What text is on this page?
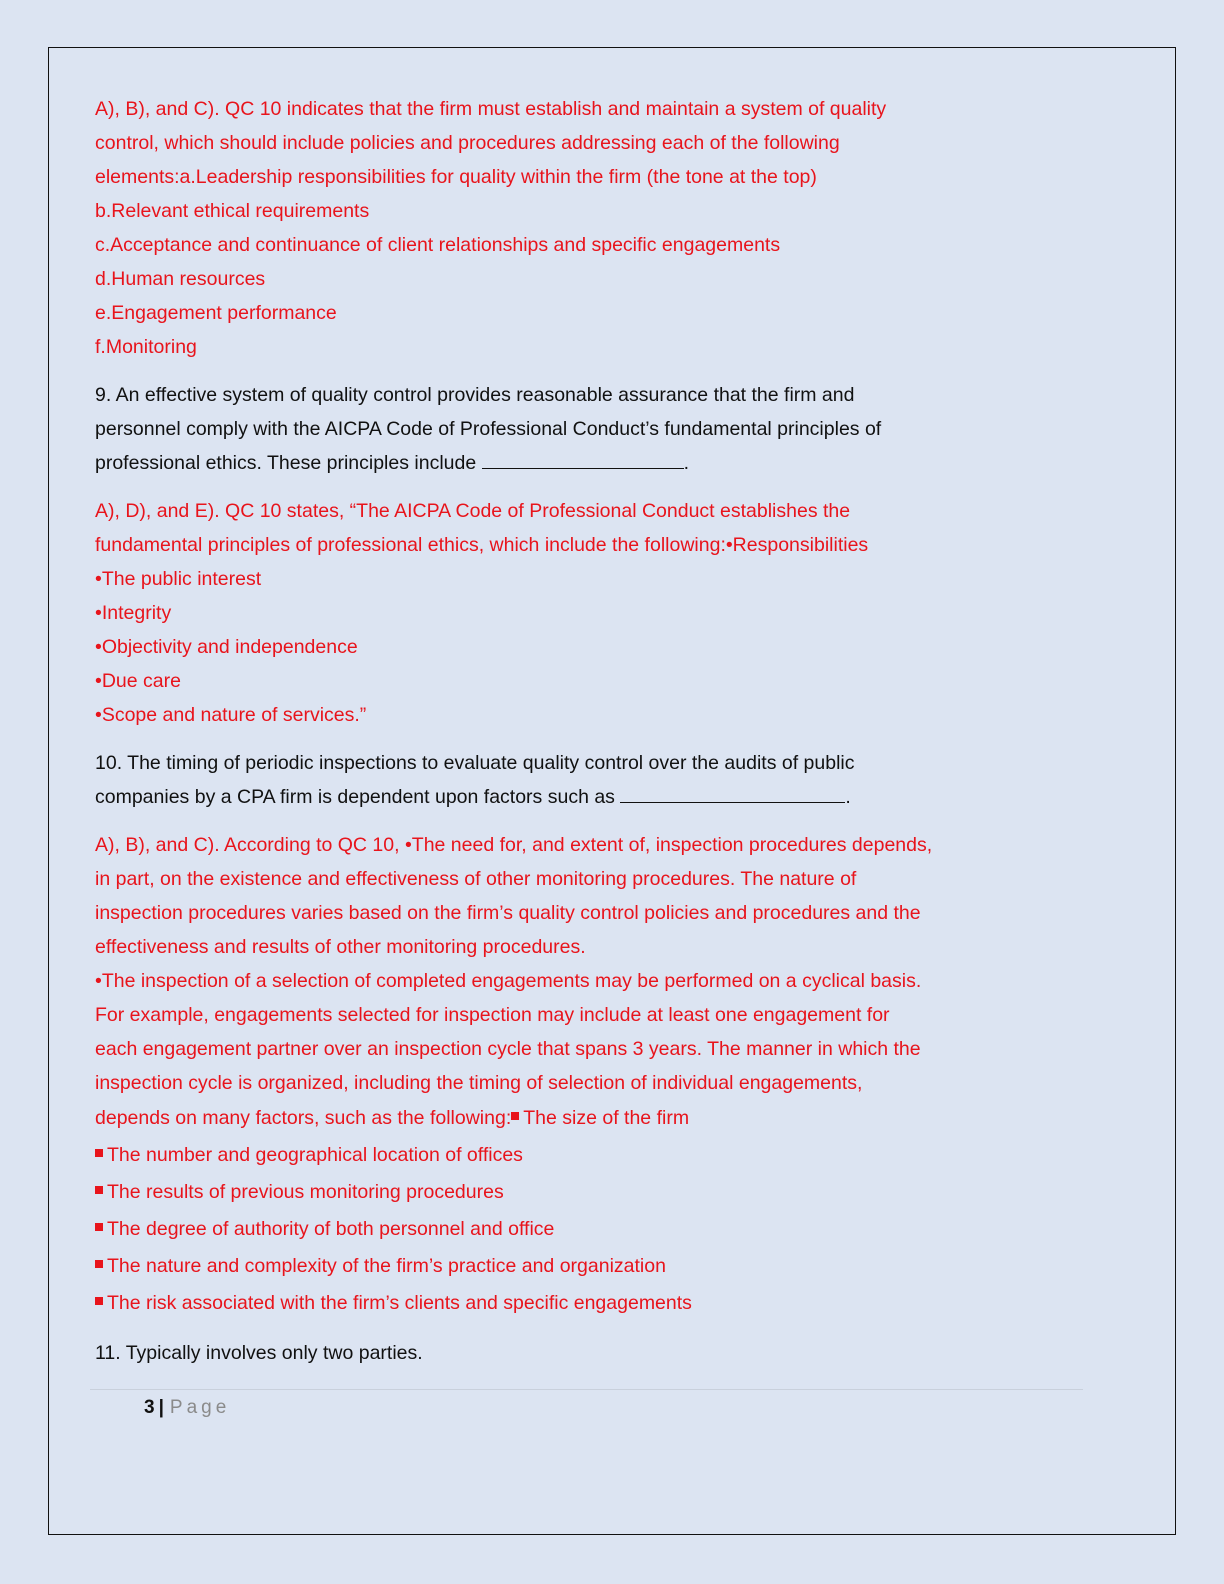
A), B), and C). QC 10 indicates that the firm must establish and maintain a system of quality
control, which should include policies and procedures addressing each of the following
elements:a.Leadership responsibilities for quality within the firm (the tone at the top)
b.Relevant ethical requirements
c.Acceptance and continuance of client relationships and specific engagements
d.Human resources
e.Engagement performance
f.Monitoring
9. An effective system of quality control provides reasonable assurance that the firm and
personnel comply with the AICPA Code of Professional Conduct’s fundamental principles of
professional ethics. These principles include	.
A), D), and E). QC 10 states, “The AICPA Code of Professional Conduct establishes the
fundamental principles of professional ethics, which include the following:•Responsibilities
•The public interest
•Integrity
•Objectivity and independence
•Due care
•Scope and nature of services.”
10. The timing of periodic inspections to evaluate quality control over the audits of public
companies by a CPA firm is dependent upon factors such as	.
A), B), and C). According to QC 10, •The need for, and extent of, inspection procedures depends,
in part, on the existence and effectiveness of other monitoring procedures. The nature of
inspection procedures varies based on the firm’s quality control policies and procedures and the
effectiveness and results of other monitoring procedures.
•The inspection of a selection of completed engagements may be performed on a cyclical basis.
For example, engagements selected for inspection may include at least one engagement for
each engagement partner over an inspection cycle that spans 3 years. The manner in which the
inspection cycle is organized, including the timing of selection of individual engagements,
depends on many factors, such as the following: The size of the firm
The number and geographical location of offices
The results of previous monitoring procedures
The degree of authority of both personnel and office
The nature and complexity of the firm’s practice and organization
The risk associated with the firm’s clients and specific engagements
11. Typically involves only two parties.
3 | Page
